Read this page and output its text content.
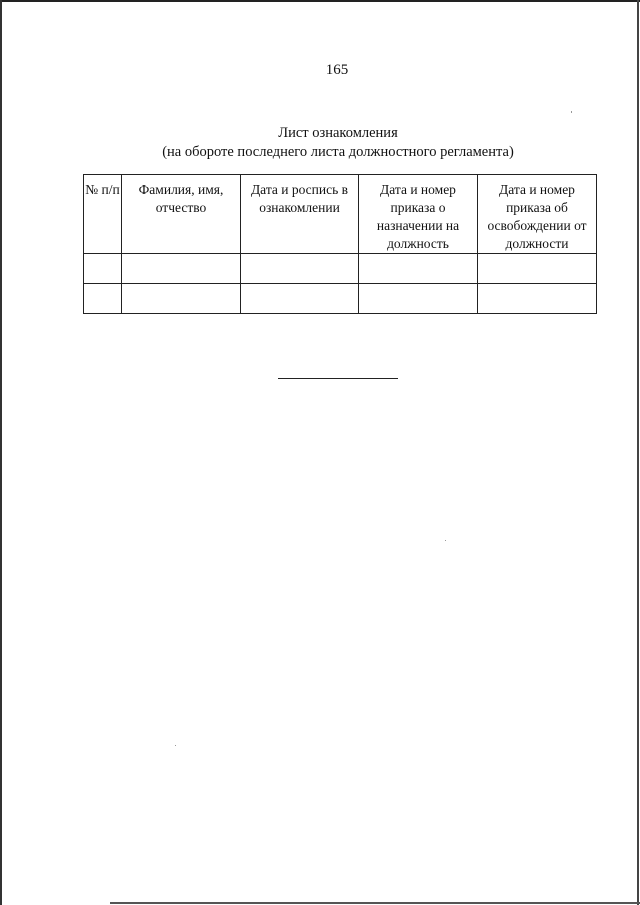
165
Лист ознакомления
(на обороте последнего листа должностного регламента)
№ п/п	Фамилия, имя, отчество	Дата и роспись в ознакомлении	Дата и номер приказа о назначении на должность	Дата и номер приказа об освобождении от должности
